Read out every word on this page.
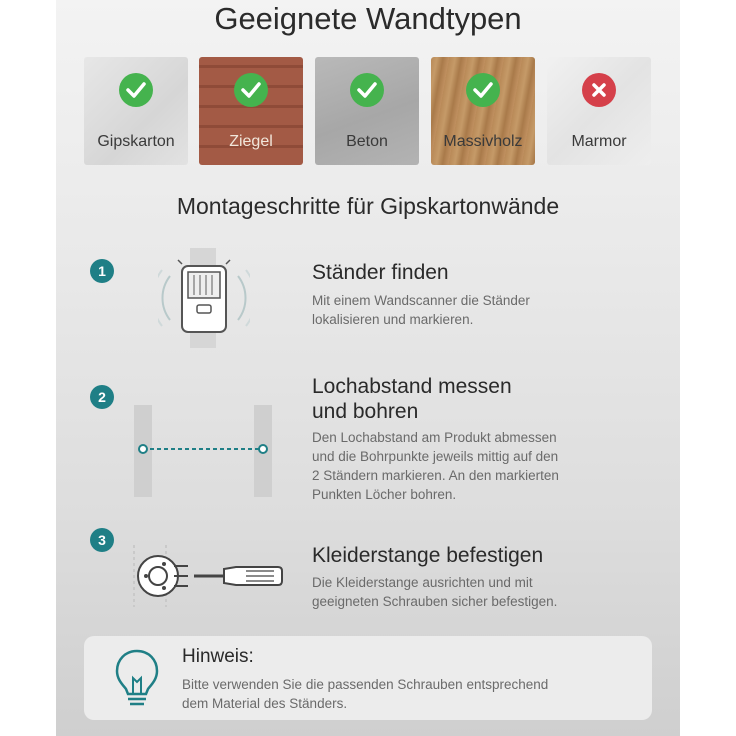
Geeignete Wandtypen
Gipskarton	Ziegel	Beton	Massivholz	Marmor
Montageschritte für Gipskartonwände
1	Ständer finden
Mit einem Wandscanner die Ständer
lokalisieren und markieren.
2	Lochabstand messen
und bohren
Den Lochabstand am Produkt abmessen
und die Bohrpunkte jeweils mittig auf den
2 Ständern markieren. An den markierten
Punkten Löcher bohren.
3
Kleiderstange befestigen
Die Kleiderstange ausrichten und mit
geeigneten Schrauben sicher befestigen.
Hinweis:
Bitte verwenden Sie die passenden Schrauben entsprechend
dem Material des Ständers.
